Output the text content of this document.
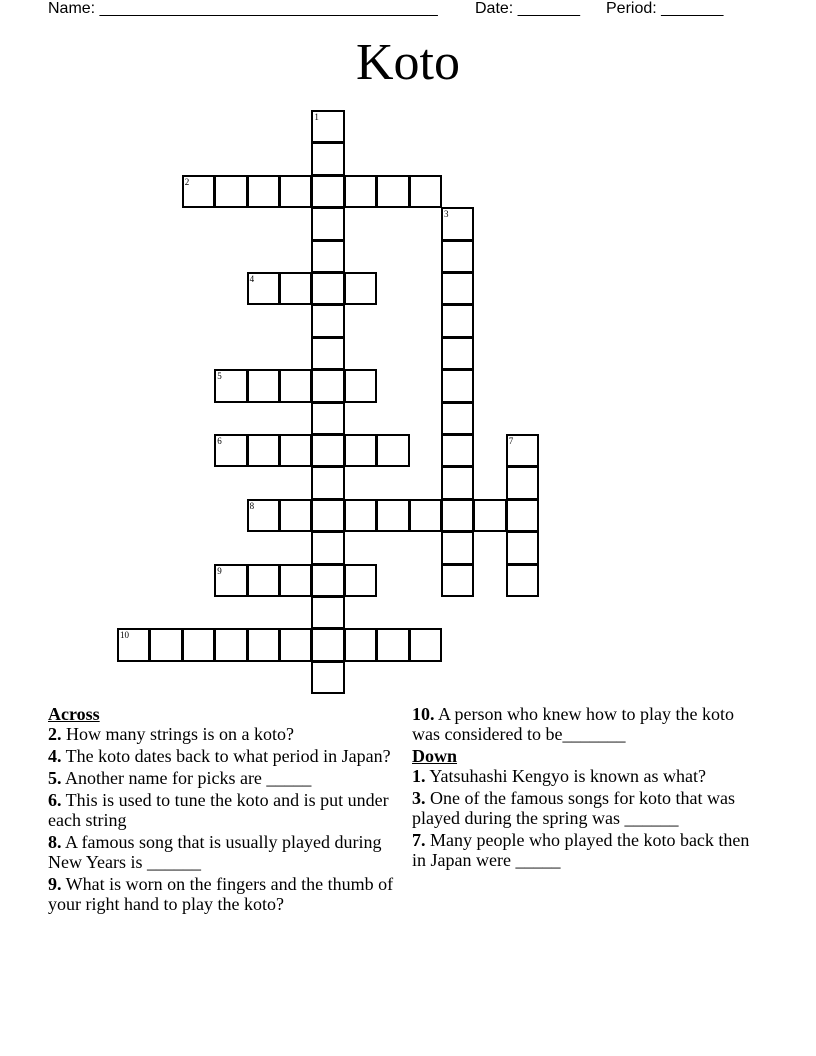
Name: ______________________________________ Date: _______ Period: _______
Koto
1
2
3
4
5
6	7
8
9
10

Across

2. How many strings is on a koto?

4. The koto dates back to what period in Japan?

5. Another name for picks are _____

6. This is used to tune the koto and is put under each string

8. A famous song that is usually played during New Years is ______

9. What is worn on the fingers and the thumb of your right hand to play the koto?

10. A person who knew how to play the koto was considered to be_______

Down

1. Yatsuhashi Kengyo is known as what?

3. One of the famous songs for koto that was played during the spring was ______

7. Many people who played the koto back then in Japan were _____
